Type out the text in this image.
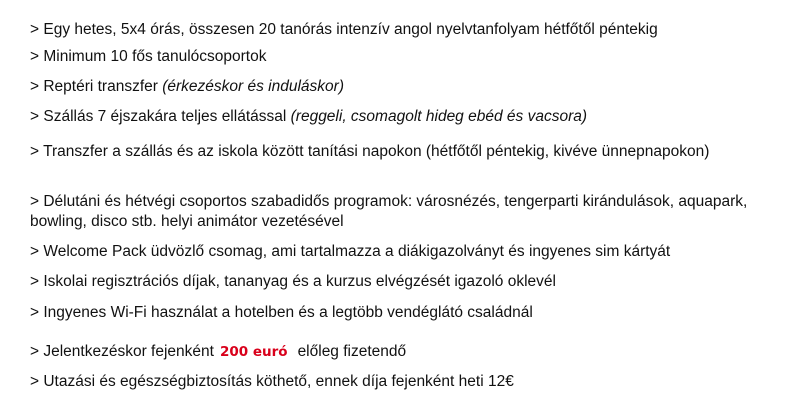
> Egy hetes, 5x4 órás, összesen 20 tanórás intenzív angol nyelvtanfolyam hétfőtől péntekig
> Minimum 10 fős tanulócsoportok
> Reptéri transzfer (érkezéskor és induláskor)
> Szállás 7 éjszakára teljes ellátással (reggeli, csomagolt hideg ebéd és vacsora)
> Transzfer a szállás és az iskola között tanítási napokon (hétfőtől péntekig, kivéve ünnepnapokon)
> Délutáni és hétvégi csoportos szabadidős programok: városnézés, tengerparti kirándulások, aquapark, bowling, disco stb. helyi animátor vezetésével
> Welcome Pack üdvözlő csomag, ami tartalmazza a diákigazolványt és ingyenes sim kártyát
> Iskolai regisztrációs díjak, tananyag és a kurzus elvégzését igazoló oklevél
> Ingyenes Wi-Fi használat a hotelben és a legtöbb vendéglátó családnál
> Jelentkezéskor fejenként 200 euró előleg fizetendő
> Utazási és egészségbiztosítás köthető, ennek díja fejenként heti 12€
